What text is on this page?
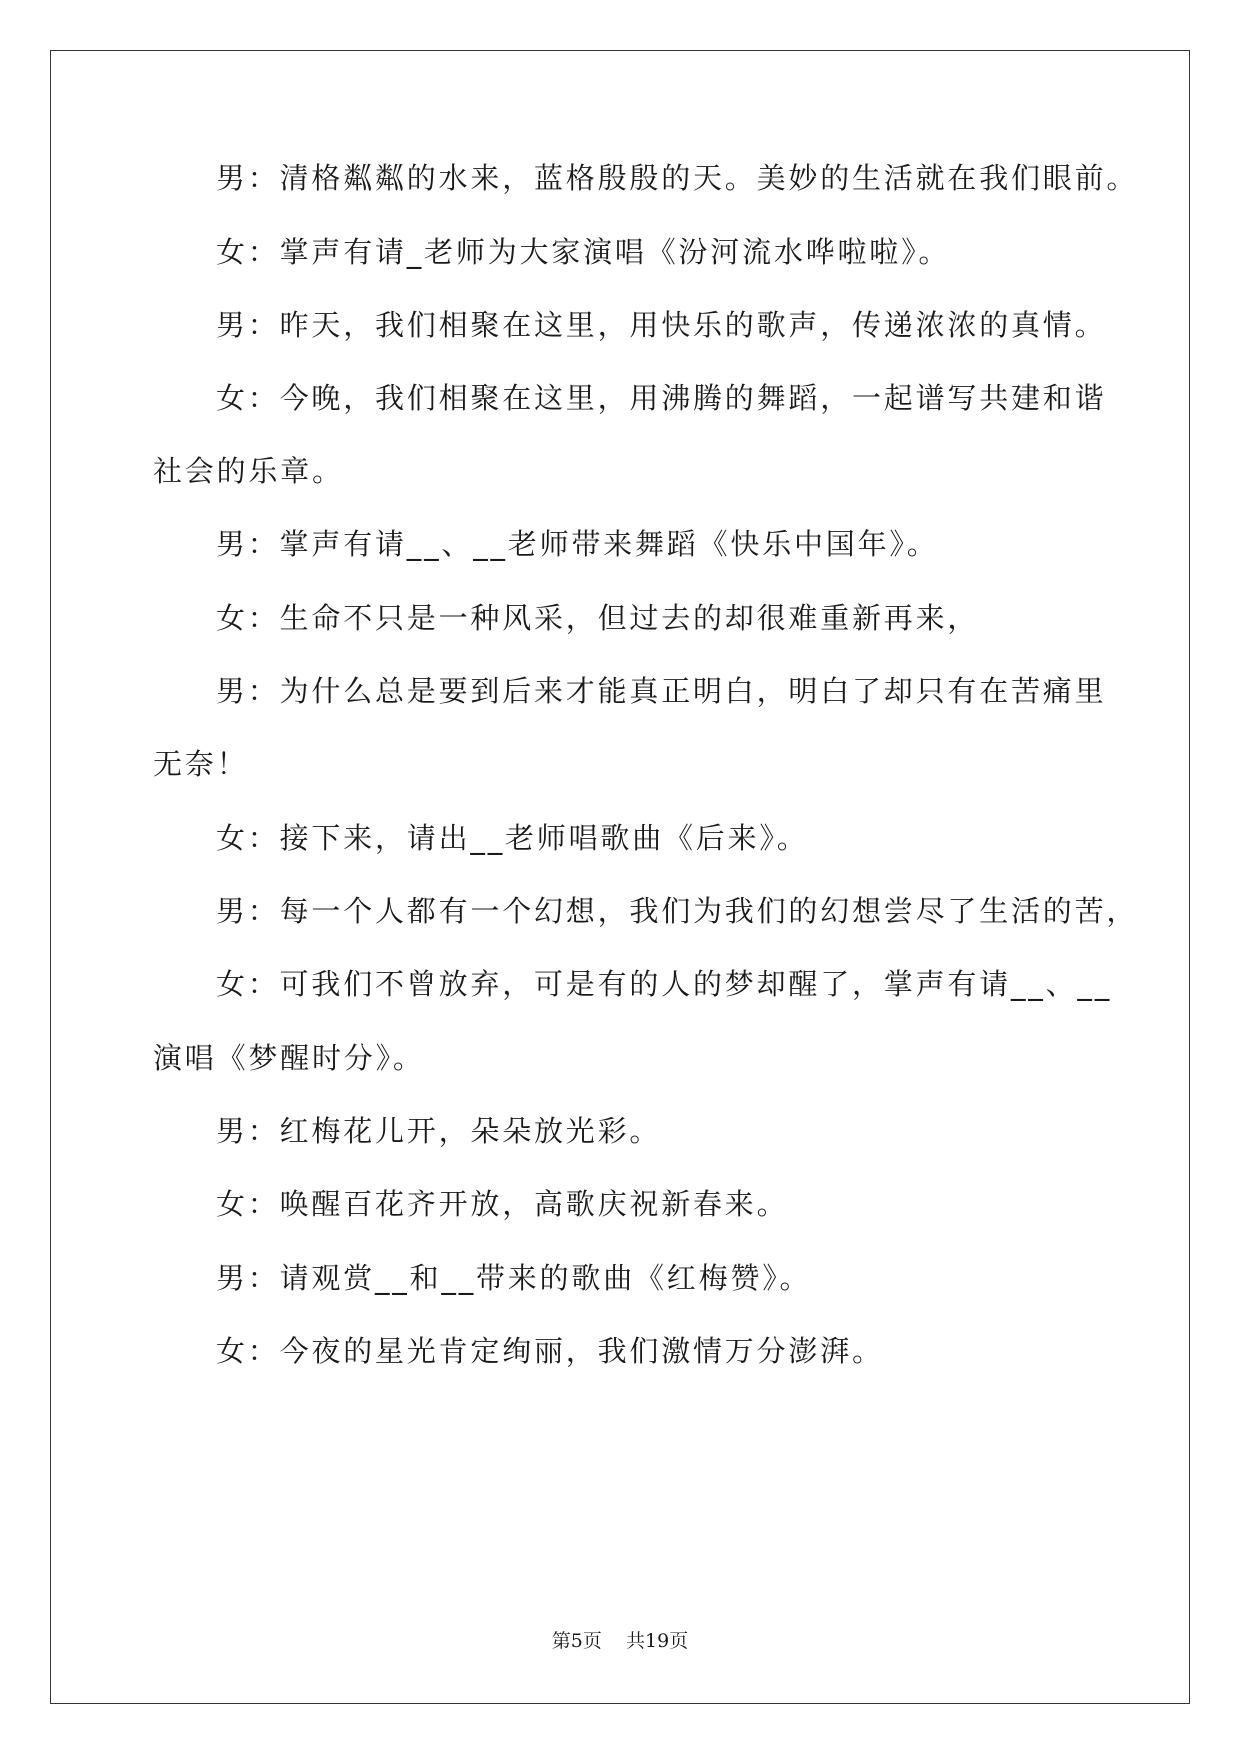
男：清格粼粼的水来，蓝格殷殷的天。美妙的生活就在我们眼前。

女：掌声有请_老师为大家演唱《汾河流水哗啦啦》。

男：昨天，我们相聚在这里，用快乐的歌声，传递浓浓的真情。

女：今晚，我们相聚在这里，用沸腾的舞蹈，一起谱写共建和谐

社会的乐章。

男：掌声有请__、__老师带来舞蹈《快乐中国年》。

女：生命不只是一种风采，但过去的却很难重新再来，

男：为什么总是要到后来才能真正明白，明白了却只有在苦痛里

无奈！

女：接下来，请出__老师唱歌曲《后来》。

男：每一个人都有一个幻想，我们为我们的幻想尝尽了生活的苦，

女：可我们不曾放弃，可是有的人的梦却醒了，掌声有请__、__

演唱《梦醒时分》。

男：红梅花儿开，朵朵放光彩。

女：唤醒百花齐开放，高歌庆祝新春来。

男：请观赏__和__带来的歌曲《红梅赞》。

女：今夜的星光肯定绚丽，我们激情万分澎湃。

第5页    共19页
